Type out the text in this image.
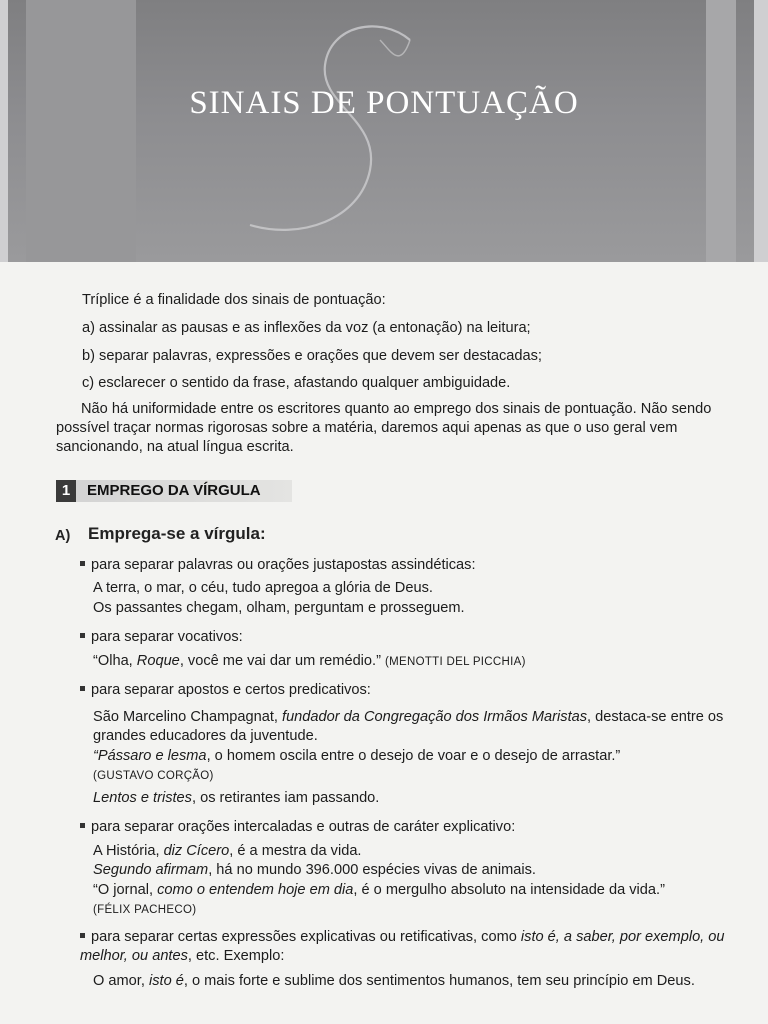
SINAIS DE PONTUAÇÃO

Tríplice é a finalidade dos sinais de pontuação:

a) assinalar as pausas e as inflexões da voz (a entonação) na leitura;

b) separar palavras, expressões e orações que devem ser destacadas;

c) esclarecer o sentido da frase, afastando qualquer ambiguidade.

Não há uniformidade entre os escritores quanto ao emprego dos sinais de pontuação. Não sendo possível traçar normas rigorosas sobre a matéria, daremos aqui apenas as que o uso geral vem sancionando, na atual língua escrita.

1	EMPREGO DA VÍRGULA
A) Emprega-se a vírgula:
para separar palavras ou orações justapostas assindéticas:
A terra, o mar, o céu, tudo apregoa a glória de Deus.
Os passantes chegam, olham, perguntam e prosseguem.
para separar vocativos:
“Olha, Roque, você me vai dar um remédio.” (MENOTTI DEL PICCHIA)
para separar apostos e certos predicativos:
São Marcelino Champagnat, fundador da Congregação dos Irmãos Maristas, destaca-se entre os grandes educadores da juventude.
“Pássaro e lesma, o homem oscila entre o desejo de voar e o desejo de arrastar.”
(GUSTAVO CORÇÃO)
Lentos e tristes, os retirantes iam passando.
para separar orações intercaladas e outras de caráter explicativo:
A História, diz Cícero, é a mestra da vida.
Segundo afirmam, há no mundo 396.000 espécies vivas de animais.
“O jornal, como o entendem hoje em dia, é o mergulho absoluto na intensidade da vida.”
(FÉLIX PACHECO)
para separar certas expressões explicativas ou retificativas, como isto é, a saber, por exemplo, ou melhor, ou antes, etc. Exemplo:
O amor, isto é, o mais forte e sublime dos sentimentos humanos, tem seu princípio em Deus.
